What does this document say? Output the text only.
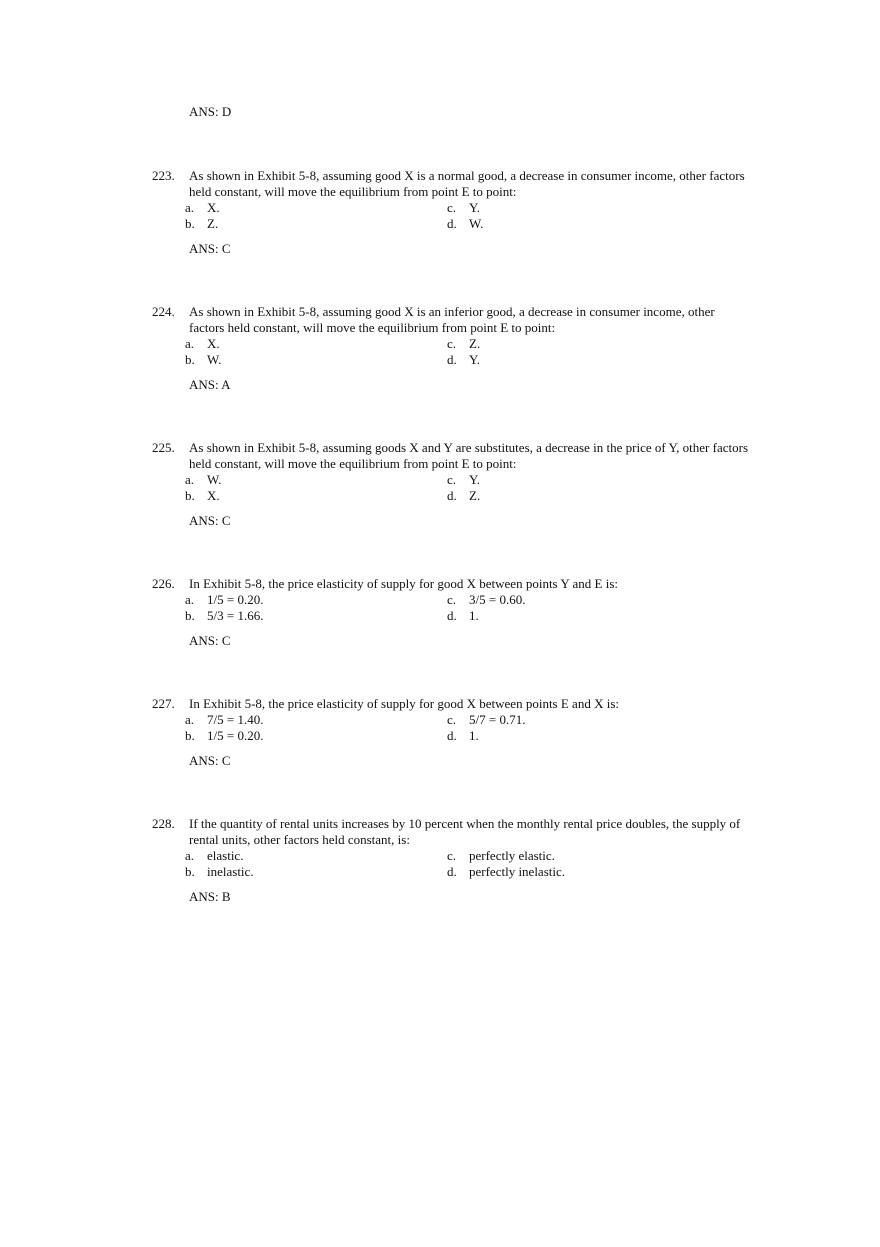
ANS: D
223.	As shown in Exhibit 5-8, assuming good X is a normal good, a decrease in consumer income, other factors held constant, will move the equilibrium from point E to point:
a. X.	c. Y.
b. Z.	d. W.
ANS: C
224.	As shown in Exhibit 5-8, assuming good X is an inferior good, a decrease in consumer income, other factors held constant, will move the equilibrium from point E to point:
a. X.	c. Z.
b. W.	d. Y.
ANS: A
225.	As shown in Exhibit 5-8, assuming goods X and Y are substitutes, a decrease in the price of Y, other factors held constant, will move the equilibrium from point E to point:
a. W.	c. Y.
b. X.	d. Z.
ANS: C
226.	In Exhibit 5-8, the price elasticity of supply for good X between points Y and E is:
a. 1/5 = 0.20.	c. 3/5 = 0.60.
b. 5/3 = 1.66.	d. 1.
ANS: C
227.	In Exhibit 5-8, the price elasticity of supply for good X between points E and X is:
a. 7/5 = 1.40.	c. 5/7 = 0.71.
b. 1/5 = 0.20.	d. 1.
ANS: C
228.	If the quantity of rental units increases by 10 percent when the monthly rental price doubles, the supply of rental units, other factors held constant, is:
a. elastic.	c. perfectly elastic.
b. inelastic.	d. perfectly inelastic.
ANS: B
